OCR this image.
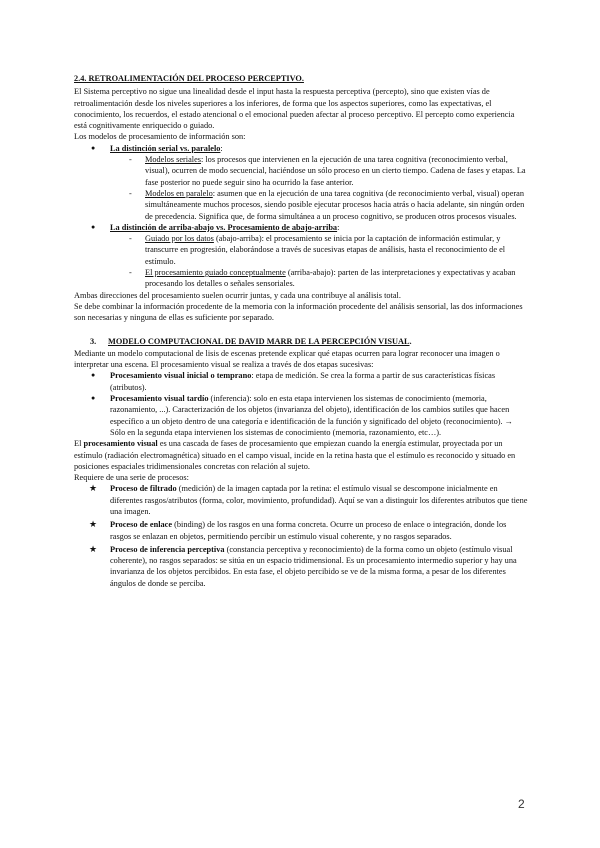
2.4. RETROALIMENTACIÓN DEL PROCESO PERCEPTIVO.

El Sistema perceptivo no sigue una linealidad desde el input hasta la respuesta perceptiva (percepto), sino que existen vías de retroalimentación desde los niveles superiores a los inferiores, de forma que los aspectos superiores, como las expectativas, el conocimiento, los recuerdos, el estado atencional o el emocional pueden afectar al proceso perceptivo. El percepto como experiencia está cognitivamente enriquecido o guiado.

Los modelos de procesamiento de información son:

● La distinción serial vs. paralelo:
- Modelos seriales: los procesos que intervienen en la ejecución de una tarea cognitiva (reconocimiento verbal, visual), ocurren de modo secuencial, haciéndose un sólo proceso en un cierto tiempo. Cadena de fases y etapas. La fase posterior no puede seguir sino ha ocurrido la fase anterior.
- Modelos en paralelo: asumen que en la ejecución de una tarea cognitiva (de reconocimiento verbal, visual) operan simultáneamente muchos procesos, siendo posible ejecutar procesos hacia atrás o hacia adelante, sin ningún orden de precedencia. Significa que, de forma simultánea a un proceso cognitivo, se producen otros procesos visuales.
● La distinción de arriba-abajo vs. Procesamiento de abajo-arriba:
- Guiado por los datos (abajo-arriba): el procesamiento se inicia por la captación de información estimular, y transcurre en progresión, elaborándose a través de sucesivas etapas de análisis, hasta el reconocimiento de el estímulo.
- El procesamiento guiado conceptualmente (arriba-abajo): parten de las interpretaciones y expectativas y acaban procesando los detalles o señales sensoriales.

Ambas direcciones del procesamiento suelen ocurrir juntas, y cada una contribuye al análisis total.

Se debe combinar la información procedente de la memoria con la información procedente del análisis sensorial, las dos informaciones son necesarias y ninguna de ellas es suficiente por separado.

3. MODELO COMPUTACIONAL DE DAVID MARR DE LA PERCEPCIÓN VISUAL.

Mediante un modelo computacional de lisis de escenas pretende explicar qué etapas ocurren para lograr reconocer una imagen o interpretar una escena. El procesamiento visual se realiza a través de dos etapas sucesivas:

● Procesamiento visual inicial o temprano: etapa de medición. Se crea la forma a partir de sus características físicas (atributos).
● Procesamiento visual tardío (inferencia): solo en esta etapa intervienen los sistemas de conocimiento (memoria, razonamiento, ...). Caracterización de los objetos (invarianza del objeto), identificación de los cambios sutiles que hacen específico a un objeto dentro de una categoría e identificación de la función y significado del objeto (reconocimiento). → Sólo en la segunda etapa intervienen los sistemas de conocimiento (memoria, razonamiento, etc…).

El procesamiento visual es una cascada de fases de procesamiento que empiezan cuando la energía estimular, proyectada por un estímulo (radiación electromagnética) situado en el campo visual, incide en la retina hasta que el estímulo es reconocido y situado en posiciones espaciales tridimensionales concretas con relación al sujeto.

Requiere de una serie de procesos:

★ Proceso de filtrado (medición) de la imagen captada por la retina: el estímulo visual se descompone inicialmente en diferentes rasgos/atributos (forma, color, movimiento, profundidad). Aquí se van a distinguir los diferentes atributos que tiene una imagen.
★ Proceso de enlace (binding) de los rasgos en una forma concreta. Ocurre un proceso de enlace o integración, donde los rasgos se enlazan en objetos, permitiendo percibir un estímulo visual coherente, y no rasgos separados.
★ Proceso de inferencia perceptiva (constancia perceptiva y reconocimiento) de la forma como un objeto (estímulo visual coherente), no rasgos separados: se sitúa en un espacio tridimensional. Es un procesamiento intermedio superior y hay una invarianza de los objetos percibidos. En esta fase, el objeto percibido se ve de la misma forma, a pesar de los diferentes ángulos de donde se perciba.
2
